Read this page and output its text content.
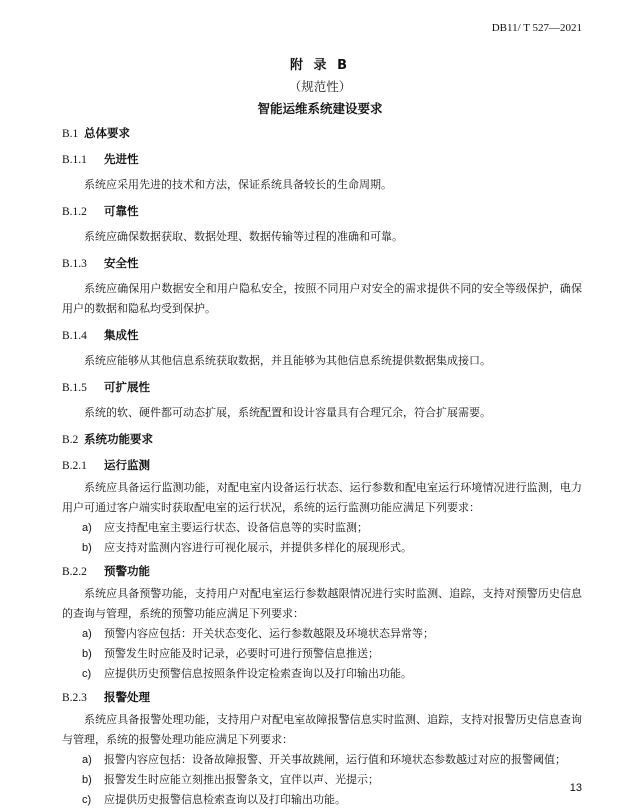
DB11/ T 527—2021
附 录 B
（规范性）
智能运维系统建设要求
B.1 总体要求
B.1.1 先进性

系统应采用先进的技术和方法，保证系统具备较长的生命周期。

B.1.2 可靠性

系统应确保数据获取、数据处理、数据传输等过程的准确和可靠。

B.1.3 安全性

系统应确保用户数据安全和用户隐私安全，按照不同用户对安全的需求提供不同的安全等级保护，确保用户的数据和隐私均受到保护。

B.1.4 集成性

系统应能够从其他信息系统获取数据，并且能够为其他信息系统提供数据集成接口。

B.1.5 可扩展性

系统的软、硬件都可动态扩展，系统配置和设计容量具有合理冗余，符合扩展需要。

B.2 系统功能要求
B.2.1 运行监测

系统应具备运行监测功能，对配电室内设备运行状态、运行参数和配电室运行环境情况进行监测，电力用户可通过客户端实时获取配电室的运行状况，系统的运行监测功能应满足下列要求：

a)	应支持配电室主要运行状态、设备信息等的实时监测；
b)	应支持对监测内容进行可视化展示，并提供多样化的展现形式。
B.2.2 预警功能

系统应具备预警功能，支持用户对配电室运行参数越限情况进行实时监测、追踪，支持对预警历史信息的查询与管理，系统的预警功能应满足下列要求：

a)	预警内容应包括：开关状态变化、运行参数越限及环境状态异常等；
b)	预警发生时应能及时记录，必要时可进行预警信息推送；
c)	应提供历史预警信息按照条件设定检索查询以及打印输出功能。
B.2.3 报警处理

系统应具备报警处理功能，支持用户对配电室故障报警信息实时监测、追踪，支持对报警历史信息查询与管理，系统的报警处理功能应满足下列要求：

a)	报警内容应包括：设备故障报警、开关事故跳闸，运行值和环境状态参数越过对应的报警阈值；
b)	报警发生时应能立刻推出报警条文，宜伴以声、光提示；
c)	应提供历史报警信息检索查询以及打印输出功能。
13
